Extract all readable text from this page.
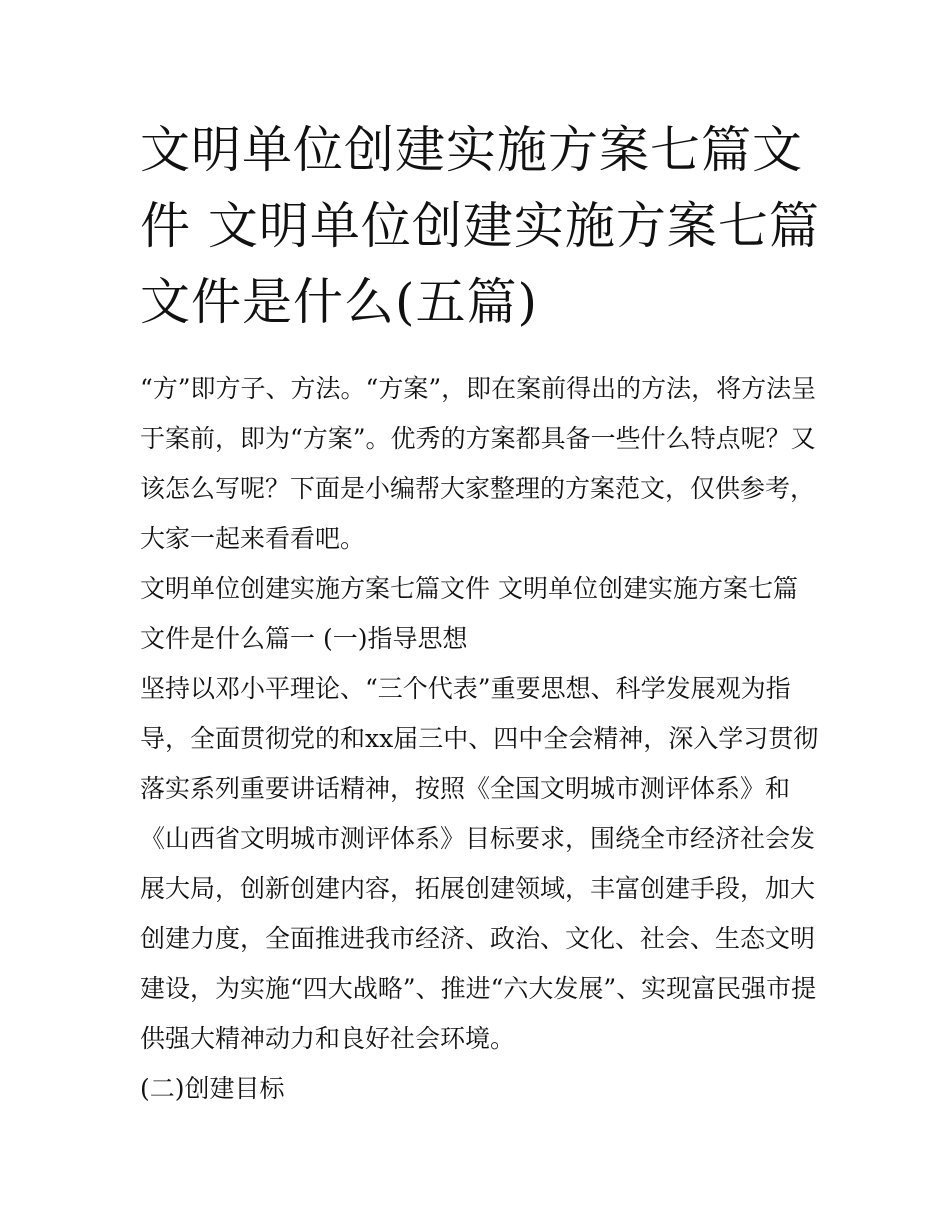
文明单位创建实施方案七篇文件 文明单位创建实施方案七篇文件是什么(五篇)

“方”即方子、方法。“方案”，即在案前得出的方法，将方法呈于案前，即为“方案”。优秀的方案都具备一些什么特点呢？又该怎么写呢？下面是小编帮大家整理的方案范文，仅供参考，大家一起来看看吧。

文明单位创建实施方案七篇文件 文明单位创建实施方案七篇文件是什么篇一 (一)指导思想

坚持以邓小平理论、“三个代表”重要思想、科学发展观为指导，全面贯彻党的和xx届三中、四中全会精神，深入学习贯彻落实系列重要讲话精神，按照《全国文明城市测评体系》和《山西省文明城市测评体系》目标要求，围绕全市经济社会发展大局，创新创建内容，拓展创建领域，丰富创建手段，加大创建力度，全面推进我市经济、政治、文化、社会、生态文明建设，为实施“四大战略”、推进“六大发展”、实现富民强市提供强大精神动力和良好社会环境。

(二)创建目标
